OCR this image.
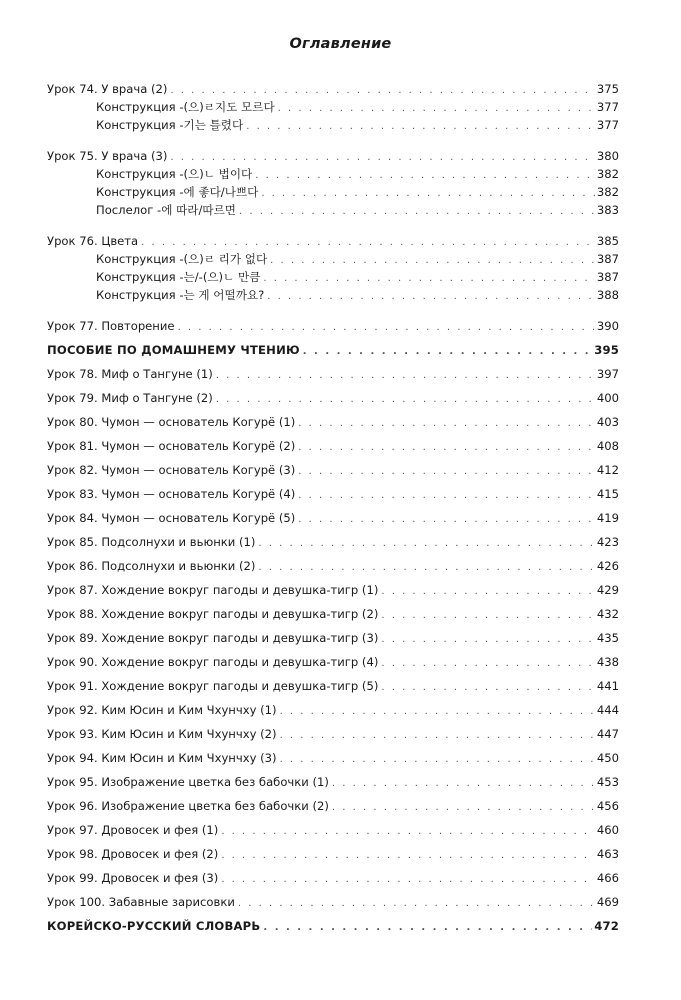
Оглавление
Урок 74. У врача (2) . . .	375
Конструкция -(으)ㄹ지도 모르다 . . .	377
Конструкция -기는 틀렸다 . . .	377
Урок 75. У врача (3) . . .	380
Конструкция -(으)ㄴ 법이다 . . .	382
Конструкция -에 좋다/나쁘다 . . .	382
Послелог -에 따라/따르면 . . .	383
Урок 76. Цвета . . .	385
Конструкция -(으)ㄹ 리가 없다 . . .	387
Конструкция -는/-(으)ㄴ 만큼 . . .	387
Конструкция -는 게 어떨까요? . . .	388
Урок 77. Повторение . . .	390
ПОСОБИЕ ПО ДОМАШНЕМУ ЧТЕНИЮ . . .	395
Урок 78. Миф о Тангуне (1) . . .	397
Урок 79. Миф о Тангуне (2) . . .	400
Урок 80. Чумон — основатель Когурё (1) . . .	403
Урок 81. Чумон — основатель Когурё (2) . . .	408
Урок 82. Чумон — основатель Когурё (3) . . .	412
Урок 83. Чумон — основатель Когурё (4) . . .	415
Урок 84. Чумон — основатель Когурё (5) . . .	419
Урок 85. Подсолнухи и вьюнки (1) . . .	423
Урок 86. Подсолнухи и вьюнки (2) . . .	426
Урок 87. Хождение вокруг пагоды и девушка-тигр (1) . . .	429
Урок 88. Хождение вокруг пагоды и девушка-тигр (2) . . .	432
Урок 89. Хождение вокруг пагоды и девушка-тигр (3) . . .	435
Урок 90. Хождение вокруг пагоды и девушка-тигр (4) . . .	438
Урок 91. Хождение вокруг пагоды и девушка-тигр (5) . . .	441
Урок 92. Ким Юсин и Ким Чхунчху (1) . . .	444
Урок 93. Ким Юсин и Ким Чхунчху (2) . . .	447
Урок 94. Ким Юсин и Ким Чхунчху (3) . . .	450
Урок 95. Изображение цветка без бабочки (1) . . .	453
Урок 96. Изображение цветка без бабочки (2) . . .	456
Урок 97. Дровосек и фея (1) . . .	460
Урок 98. Дровосек и фея (2) . . .	463
Урок 99. Дровосек и фея (3) . . .	466
Урок 100. Забавные зарисовки . . .	469
КОРЕЙСКО-РУССКИЙ СЛОВАРЬ . . .	472
